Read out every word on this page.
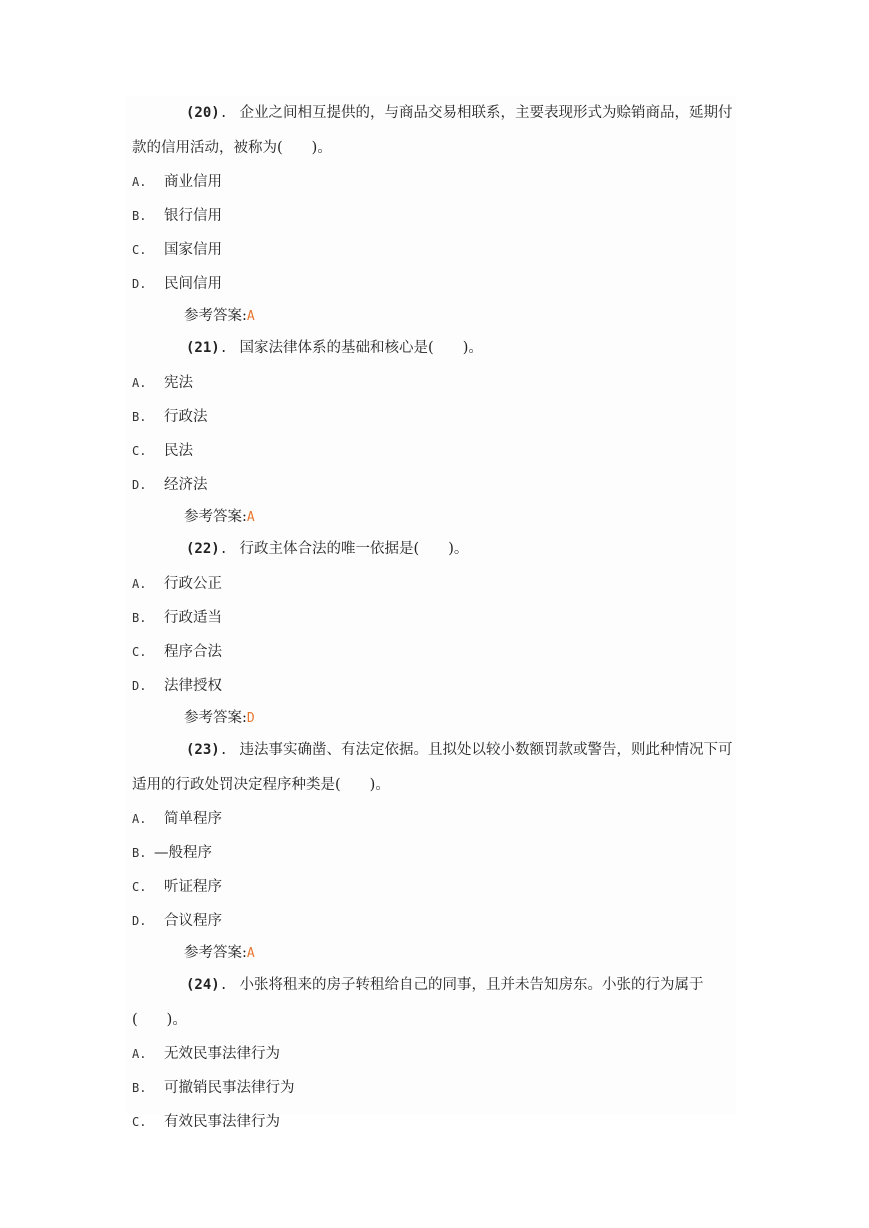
(20). 企业之间相互提供的，与商品交易相联系，主要表现形式为赊销商品，延期付款的信用活动，被称为(　　)。

A. 商业信用
B. 银行信用
C. 国家信用
D. 民间信用
参考答案:A

(21). 国家法律体系的基础和核心是(　　)。

A. 宪法
B. 行政法
C. 民法
D. 经济法
参考答案:A

(22). 行政主体合法的唯一依据是(　　)。

A. 行政公正
B. 行政适当
C. 程序合法
D. 法律授权
参考答案:D

(23). 违法事实确凿、有法定依据。且拟处以较小数额罚款或警告，则此种情况下可适用的行政处罚决定程序种类是(　　)。

A. 简单程序
B. —般程序
C. 听证程序
D. 合议程序
参考答案:A

(24). 小张将租来的房子转租给自己的同事，且并未告知房东。小张的行为属于(　　)。

A. 无效民事法律行为
B. 可撤销民事法律行为
C. 有效民事法律行为
